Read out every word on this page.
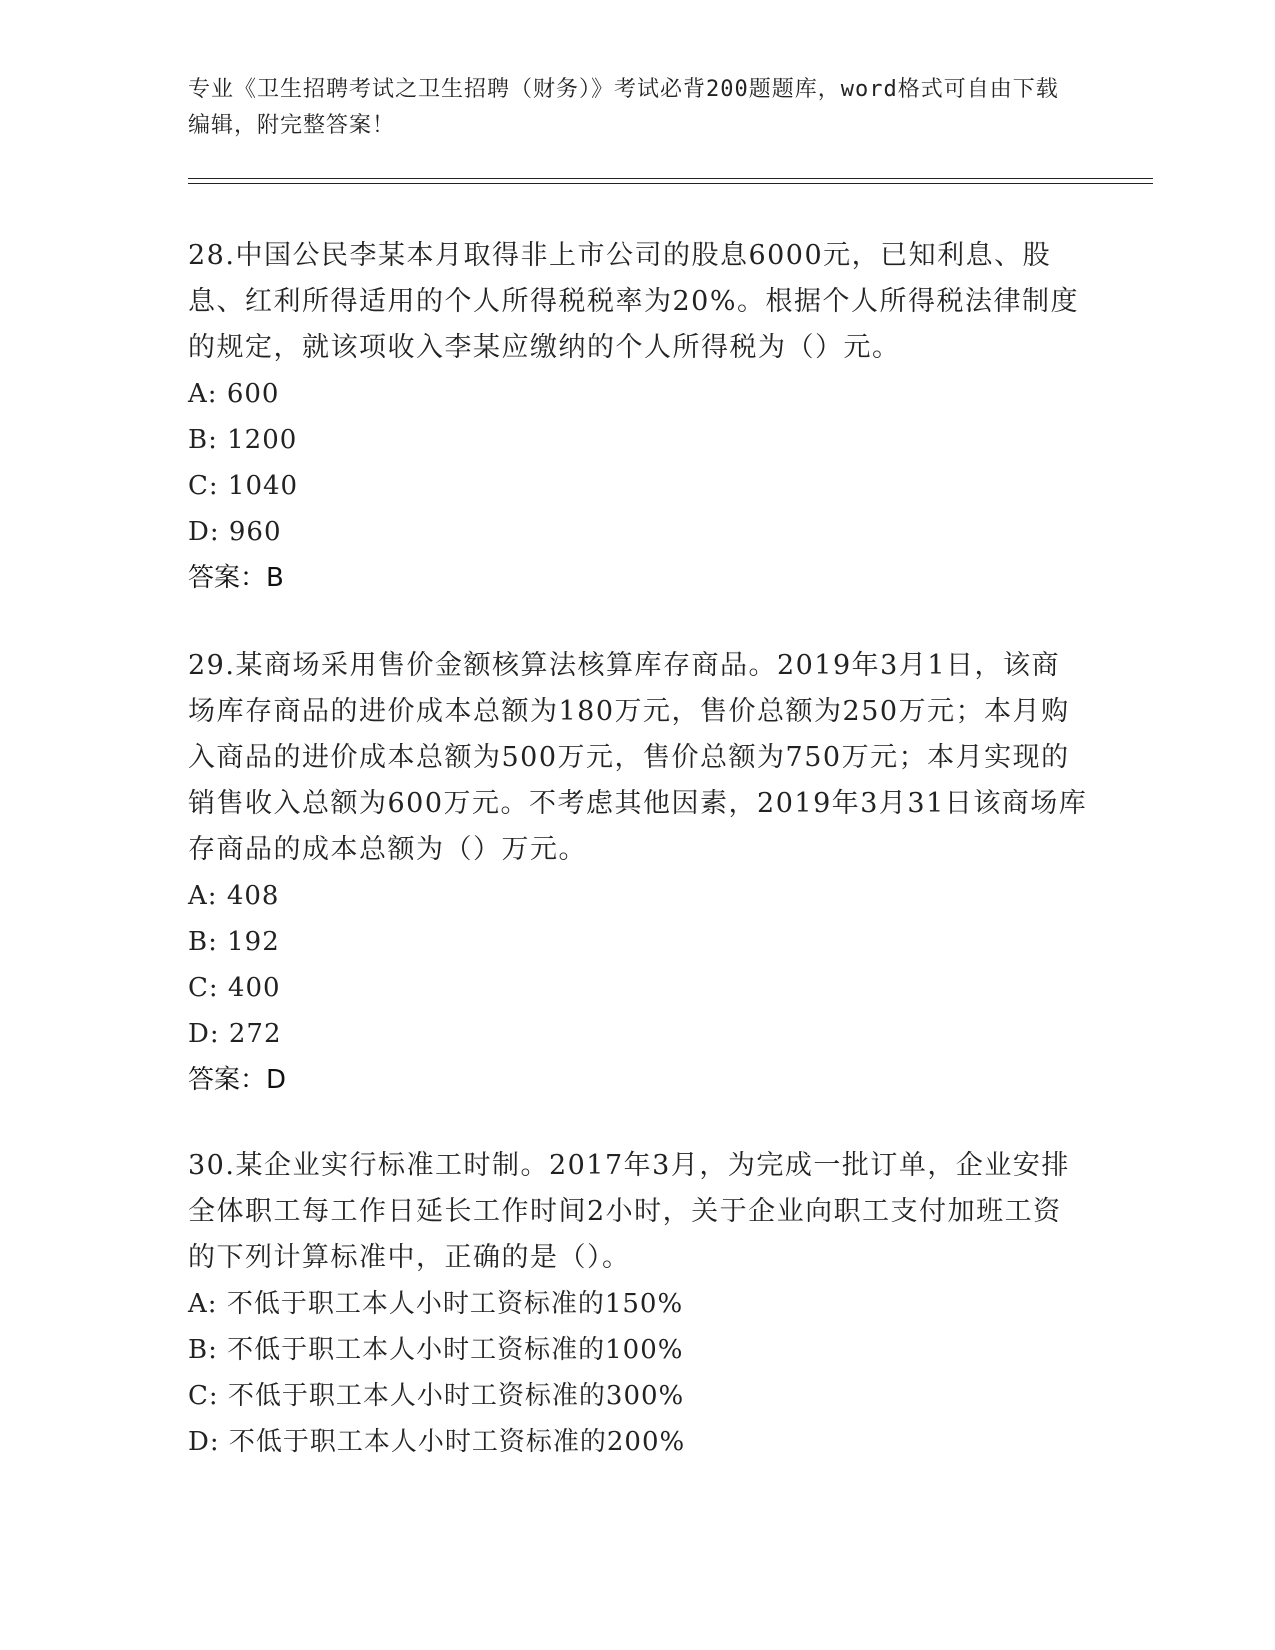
专业《卫生招聘考试之卫生招聘（财务）》考试必背200题题库，word格式可自由下载编辑，附完整答案！

28.中国公民李某本月取得非上市公司的股息6000元，已知利息、股息、红利所得适用的个人所得税税率为20%。根据个人所得税法律制度的规定，就该项收入李某应缴纳的个人所得税为（）元。

A: 600

B: 1200

C: 1040

D: 960

答案：B

29.某商场采用售价金额核算法核算库存商品。2019年3月1日，该商场库存商品的进价成本总额为180万元，售价总额为250万元；本月购入商品的进价成本总额为500万元，售价总额为750万元；本月实现的销售收入总额为600万元。不考虑其他因素，2019年3月31日该商场库存商品的成本总额为（）万元。

A: 408

B: 192

C: 400

D: 272

答案：D

30.某企业实行标准工时制。2017年3月，为完成一批订单，企业安排全体职工每工作日延长工作时间2小时，关于企业向职工支付加班工资的下列计算标准中，正确的是（）。

A: 不低于职工本人小时工资标准的150%

B: 不低于职工本人小时工资标准的100%

C: 不低于职工本人小时工资标准的300%

D: 不低于职工本人小时工资标准的200%
